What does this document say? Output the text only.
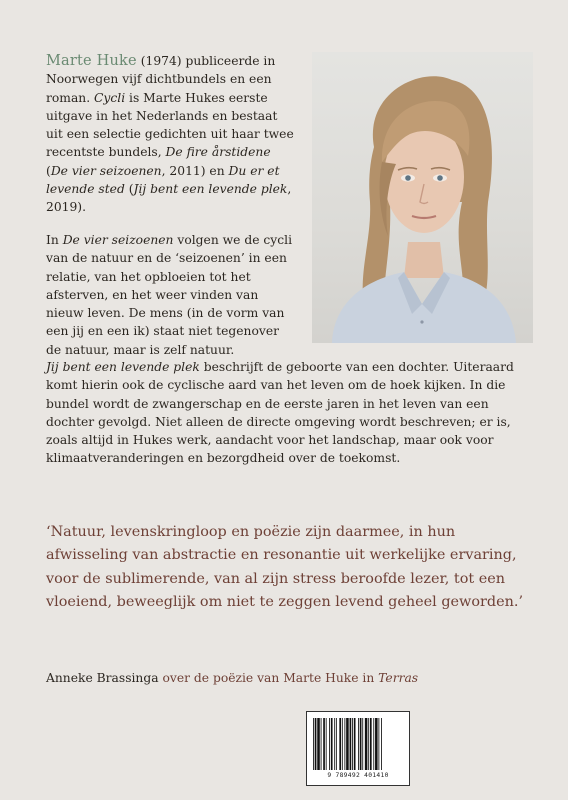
Marte Huke (1974) publiceerde in Noorwegen vijf dichtbundels en een roman. Cycli is Marte Hukes eerste uitgave in het Nederlands en bestaat uit een selectie gedichten uit haar twee recentste bundels, De fire årstidene (De vier seizoenen, 2011) en Du er et levende sted (Jij bent een levende plek, 2019).

In De vier seizoenen volgen we de cycli van de natuur en de ‘seizoenen’ in een relatie, van het opbloeien tot het afsterven, en het weer vinden van nieuw leven. De mens (in de vorm van een jij en een ik) staat niet tegenover de natuur, maar is zelf natuur.

Jij bent een levende plek beschrijft de geboorte van een dochter. Uiteraard komt hierin ook de cyclische aard van het leven om de hoek kijken. In die bundel wordt de zwangerschap en de eerste jaren in het leven van een dochter gevolgd. Niet alleen de directe omgeving wordt beschreven; er is, zoals altijd in Hukes werk, aandacht voor het landschap, maar ook voor klimaatveranderingen en bezorgdheid over de toekomst.

‘Natuur, levenskringloop en poëzie zijn daarmee, in hun afwisseling van abstractie en resonantie uit werkelijke ervaring, voor de sublimerende, van al zijn stress beroofde lezer, tot een vloeiend, beweeglijk om niet te zeggen levend geheel geworden.’

Anneke Brassinga over de poëzie van Marte Huke in Terras

9 789492 401410
